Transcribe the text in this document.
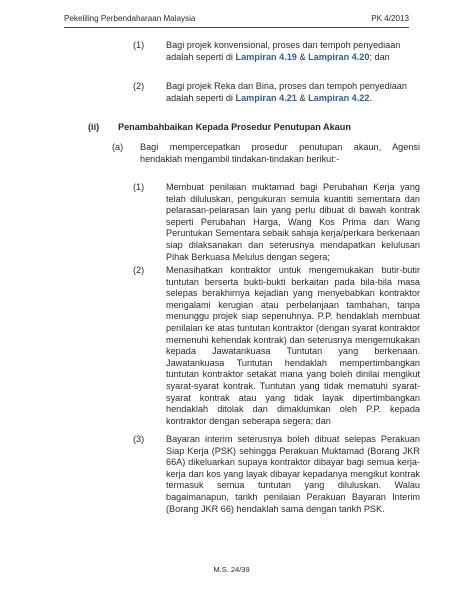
Pekeliling Perbendaharaan Malaysia	PK 4/2013
(1) Bagi projek konvensional, proses dan tempoh penyediaan adalah seperti di Lampiran 4.19 & Lampiran 4.20; dan
(2) Bagi projek Reka dan Bina, proses dan tempoh penyediaan adalah seperti di Lampiran 4.21 & Lampiran 4.22.
(ii) Penambahbaikan Kepada Prosedur Penutupan Akaun
(a) Bagi mempercepatkan prosedur penutupan akaun, Agensi hendaklah mengambil tindakan-tindakan berikut:-
(1) Membuat penilaian muktamad bagi Perubahan Kerja yang telah diluluskan, pengukuran semula kuantiti sementara dan pelarasan-pelarasan lain yang perlu dibuat di bawah kontrak seperti Perubahan Harga, Wang Kos Prima dan Wang Peruntukan Sementara sebaik sahaja kerja/perkara berkenaan siap dilaksanakan dan seterusnya mendapatkan kelulusan Pihak Berkuasa Melulus dengan segera;
(2) Menasihatkan kontraktor untuk mengemukakan butir-butir tuntutan berserta bukti-bukti berkaitan pada bila-bila masa selepas berakhirnya kejadian yang menyebabkan kontraktor mengalami kerugian atau perbelanjaan tambahan, tanpa menunggu projek siap sepenuhnya. P.P. hendaklah membuat penilaian ke atas tuntutan kontraktor (dengan syarat kontraktor memenuhi kehendak kontrak) dan seterusnya mengemukakan kepada Jawatankuasa Tuntutan yang berkenaan. Jawatankuasa Tuntutan hendaklah mempertimbangkan tuntutan kontraktor setakat mana yang boleh dinilai mengikut syarat-syarat kontrak. Tuntutan yang tidak mematuhi syarat-syarat kontrak atau yang tidak layak dipertimbangkan hendaklah ditolak dan dimaklumkan oleh P.P. kepada kontraktor dengan seberapa segera; dan
(3) Bayaran interim seterusnya boleh dibuat selepas Perakuan Siap Kerja (PSK) sehingga Perakuan Muktamad (Borang JKR 66A) dikeluarkan supaya kontraktor dibayar bagi semua kerja-kerja dan kos yang layak dibayar kepadanya mengikut kontrak termasuk semua tuntutan yang diluluskan. Walau bagaimanapun, tarikh penilaian Perakuan Bayaran Interim (Borang JKR 66) hendaklah sama dengan tarikh PSK.
M.S. 24/39
